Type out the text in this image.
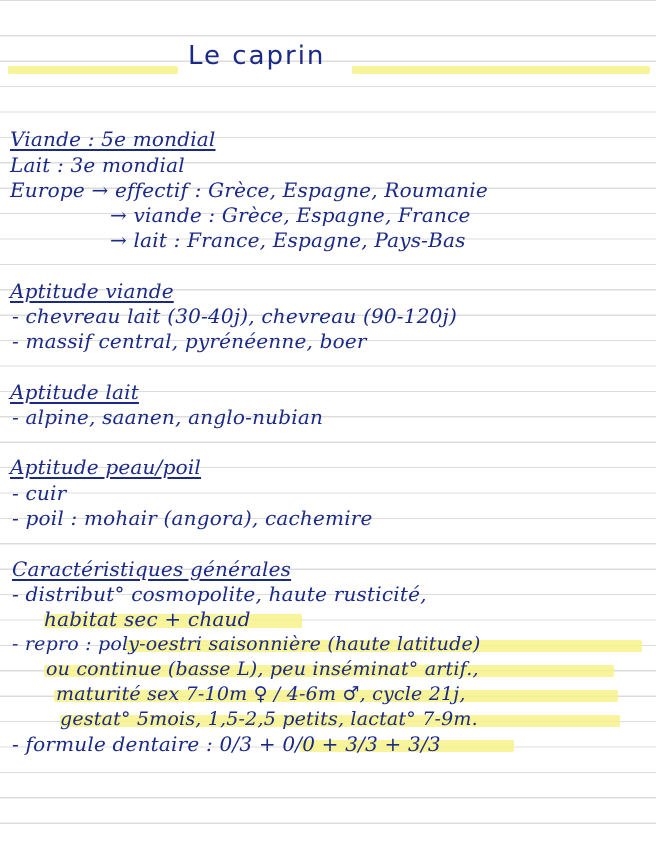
Le caprin
Viande : 5e mondial
Lait : 3e mondial
Europe → effectif : Grèce, Espagne, Roumanie
→ viande : Grèce, Espagne, France
→ lait : France, Espagne, Pays-Bas
Aptitude viande
- chevreau lait (30-40j), chevreau (90-120j)
- massif central, pyrénéenne, boer
Aptitude lait
- alpine, saanen, anglo-nubian
Aptitude peau/poil
- cuir
- poil : mohair (angora), cachemire
Caractéristiques générales
- distribut° cosmopolite, haute rusticité,
habitat sec + chaud
- repro : poly-oestri saisonnière (haute latitude)
ou continue (basse L), peu inséminat° artif.,
maturité sex 7-10m ♀ / 4-6m ♂, cycle 21j,
gestat° 5mois, 1,5-2,5 petits, lactat° 7-9m.
- formule dentaire : 0/3 + 0/0 + 3/3 + 3/3
